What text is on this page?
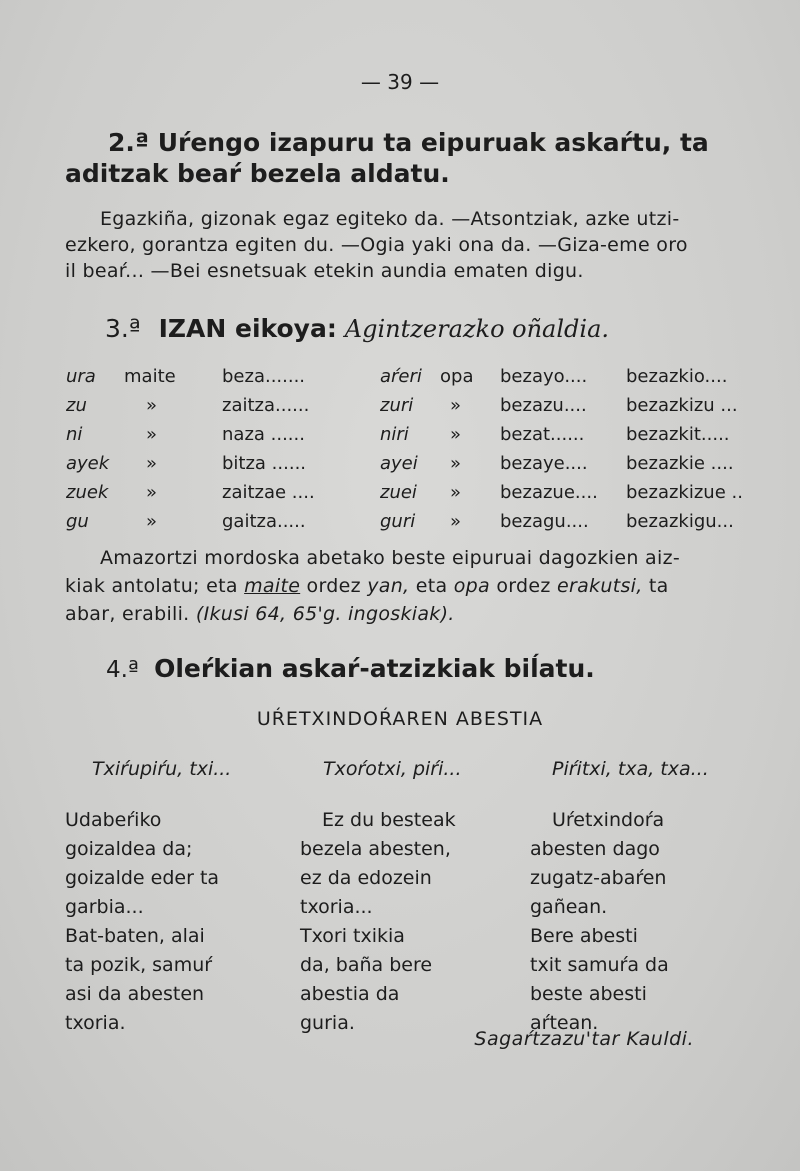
— 39 —
2.ª Uŕengo izapuru ta eipuruak askaŕtu, ta
aditzak beaŕ bezela aldatu.
Egazkiña, gizonak egaz egiteko da. —Atsontziak, azke utzi-
ezkero, gorantza egiten du. —Ogia yaki ona da. —Giza-eme oro
il beaŕ... —Bei esnetsuak etekin aundia ematen digu.
3.ª IZAN eikoya: Agintzerazko oñaldia.
ura	maite	beza.......	aŕeri	opa	bezayo....	bezazkio....
zu	»	zaitza......	zuri	»	bezazu....	bezazkizu ...
ni	»	naza ......	niri	»	bezat......	bezazkit.....
ayek	»	bitza ......	ayei	»	bezaye....	bezazkie ....
zuek	»	zaitzae ....	zuei	»	bezazue....	bezazkizue ..
gu	»	gaitza.....	guri	»	bezagu....	bezazkigu...
Amazortzi mordoska abetako beste eipuruai dagozkien aiz-
kiak antolatu; eta maite ordez yan, eta opa ordez erakutsi, ta
abar, erabili. (Ikusi 64, 65'g. ingoskiak).
4.ª Oleŕkian askaŕ-atzizkiak biĺatu.
UŔETXINDOŔAREN ABESTIA
Txiŕupiŕu, txi...	Txoŕotxi, piŕi...	Piŕitxi, txa, txa...
Udabeŕiko
goizaldea da;
goizalde eder ta
garbia...
Bat-baten, alai
ta pozik, samuŕ
asi da abesten
txoria.
Ez du besteak
bezela abesten,
ez da edozein
txoria...
Txori txikia
da, baña bere
abestia da
guria.
Uŕetxindoŕa
abesten dago
zugatz-abaŕen
gañean.
Bere abesti
txit samuŕa da
beste abesti
aŕtean.
Sagaŕtzazu'tar Kauldi.
